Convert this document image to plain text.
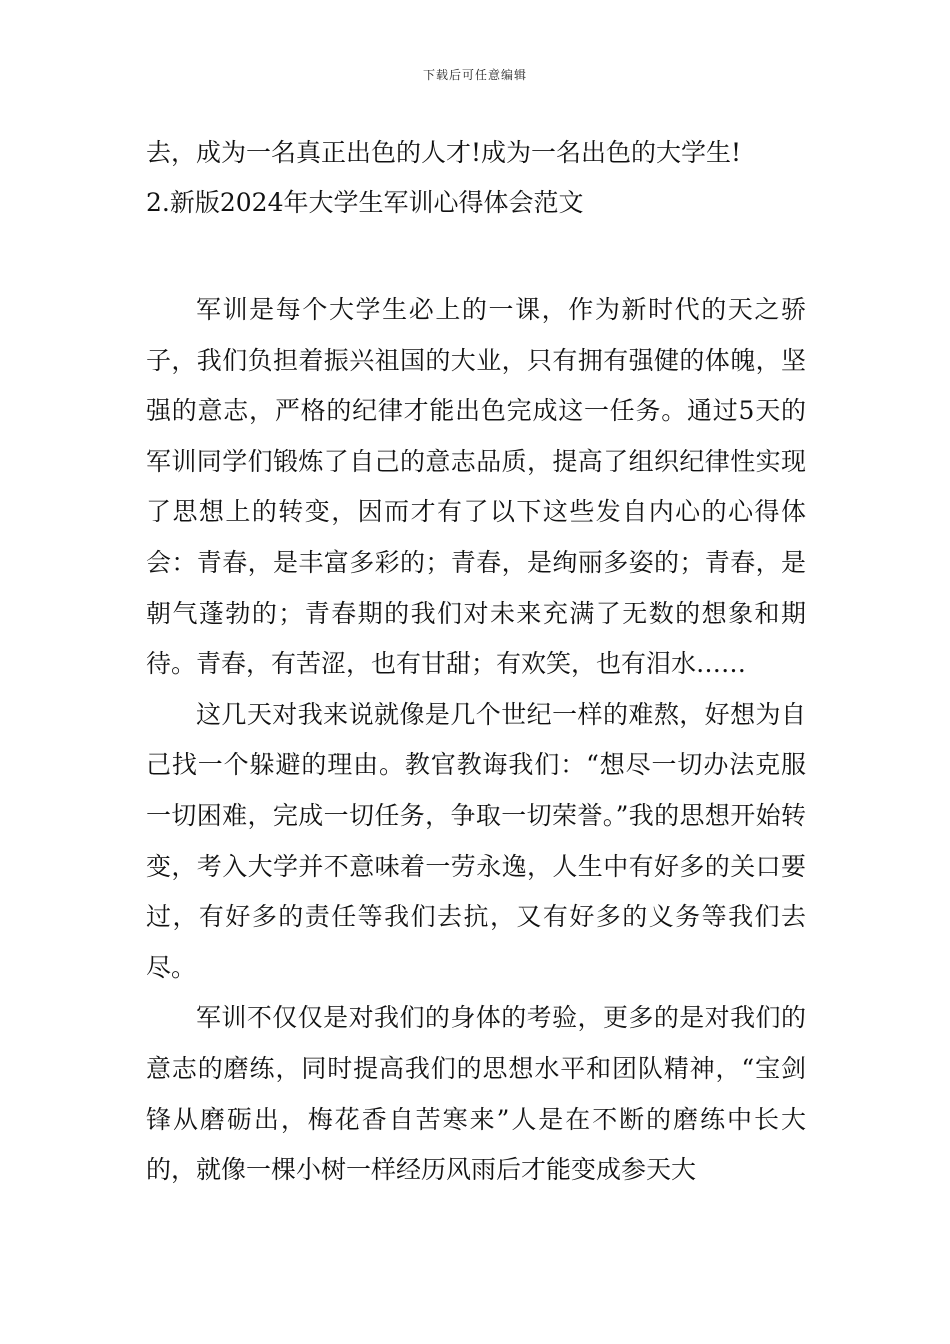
下载后可任意编辑
去，成为一名真正出色的人才!成为一名出色的大学生!
2.新版2024年大学生军训心得体会范文

军训是每个大学生必上的一课，作为新时代的天之骄子，我们负担着振兴祖国的大业，只有拥有强健的体魄，坚强的意志，严格的纪律才能出色完成这一任务。通过5天的军训同学们锻炼了自己的意志品质，提高了组织纪律性实现了思想上的转变，因而才有了以下这些发自内心的心得体会：青春，是丰富多彩的；青春，是绚丽多姿的；青春，是朝气蓬勃的；青春期的我们对未来充满了无数的想象和期待。青春，有苦涩，也有甘甜；有欢笑，也有泪水……

这几天对我来说就像是几个世纪一样的难熬，好想为自己找一个躲避的理由。教官教诲我们：“想尽一切办法克服一切困难，完成一切任务，争取一切荣誉。”我的思想开始转变，考入大学并不意味着一劳永逸，人生中有好多的关口要过，有好多的责任等我们去抗，又有好多的义务等我们去尽。

军训不仅仅是对我们的身体的考验，更多的是对我们的意志的磨练，同时提高我们的思想水平和团队精神，“宝剑锋从磨砺出，梅花香自苦寒来”人是在不断的磨练中长大的，就像一棵小树一样经历风雨后才能变成参天大
